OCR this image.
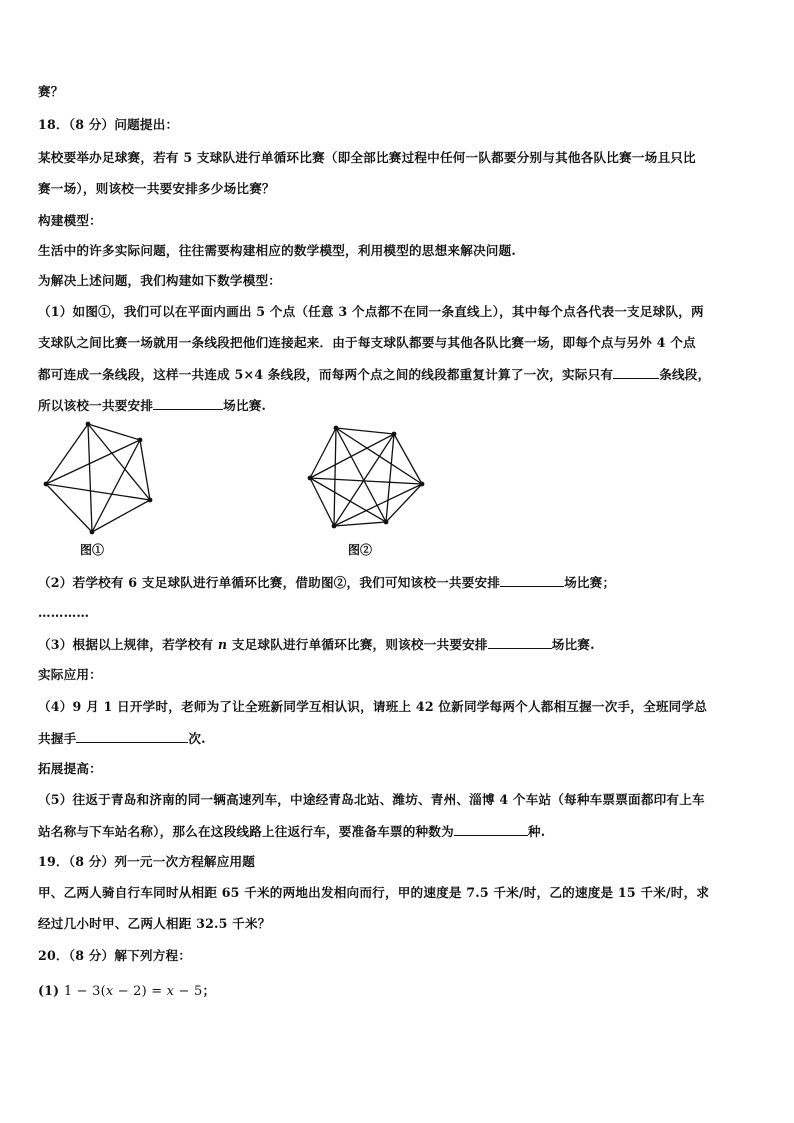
赛？
18．（8 分）问题提出：
某校要举办足球赛，若有 5 支球队进行单循环比赛（即全部比赛过程中任何一队都要分别与其他各队比赛一场且只比
赛一场），则该校一共要安排多少场比赛？
构建模型：
生活中的许多实际问题，往往需要构建相应的数学模型，利用模型的思想来解决问题.
为解决上述问题，我们构建如下数学模型：
（1）如图①，我们可以在平面内画出 5 个点（任意 3 个点都不在同一条直线上），其中每个点各代表一支足球队，两
支球队之间比赛一场就用一条线段把他们连接起来．由于每支球队都要与其他各队比赛一场，即每个点与另外 4 个点
都可连成一条线段，这样一共连成 5×4 条线段，而每两个点之间的线段都重复计算了一次，实际只有	条线段，
所以该校一共要安排	场比赛.
图①	图②
（2）若学校有 6 支足球队进行单循环比赛，借助图②，我们可知该校一共要安排	场比赛；
…………
（3）根据以上规律，若学校有 n 支足球队进行单循环比赛，则该校一共要安排	场比赛.
实际应用：
（4）9 月 1 日开学时，老师为了让全班新同学互相认识，请班上 42 位新同学每两个人都相互握一次手，全班同学总
共握手	次.
拓展提高：
（5）往返于青岛和济南的同一辆高速列车，中途经青岛北站、潍坊、青州、淄博 4 个车站（每种车票票面都印有上车
站名称与下车站名称），那么在这段线路上往返行车，要准备车票的种数为	种.
19．（8 分）列一元一次方程解应用题
甲、乙两人骑自行车同时从相距 65 千米的两地出发相向而行，甲的速度是 7.5 千米/时，乙的速度是 15 千米/时，求
经过几小时甲、乙两人相距 32.5 千米？
20．（8 分）解下列方程：
(1) 1 − 3(x − 2) = x − 5；
